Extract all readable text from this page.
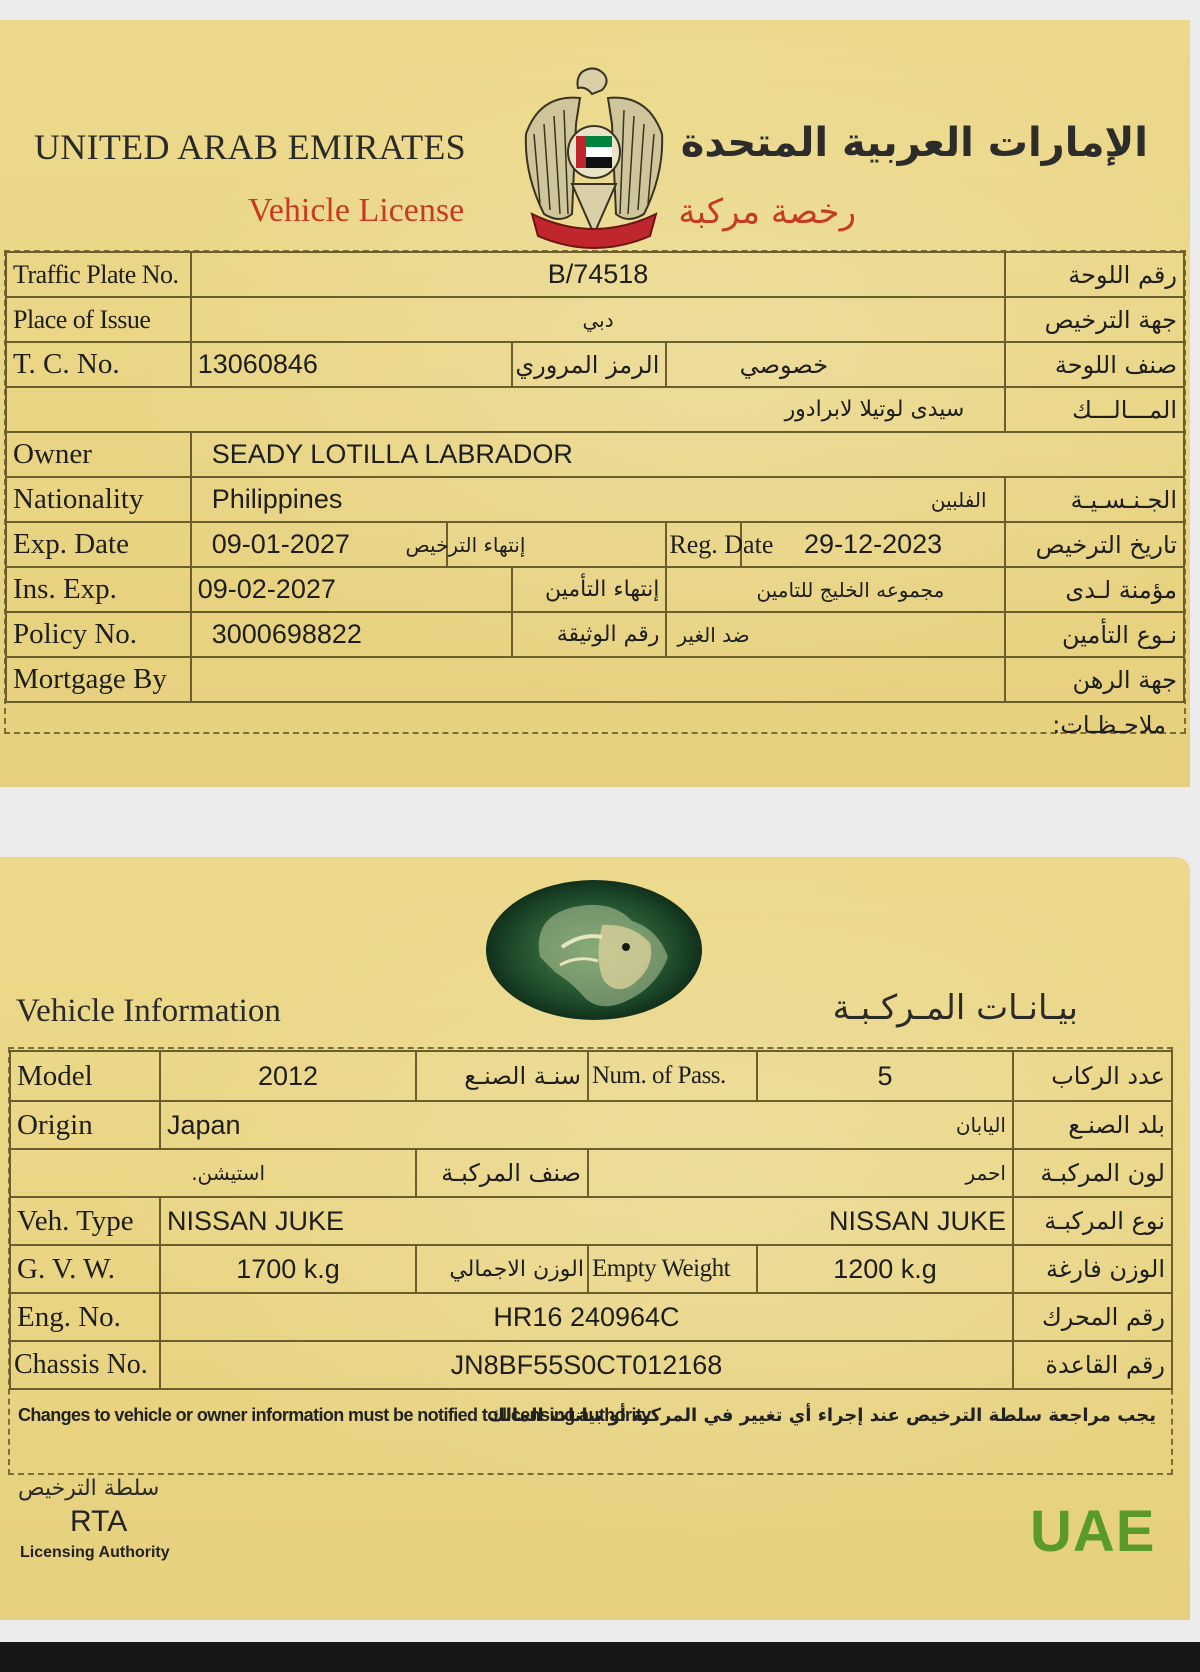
UNITED ARAB EMIRATES
Vehicle License
الإمارات العربية المتحدة
رخصة مركبة
Traffic Plate No.	B/74518					رقم اللوحة
Place of Issue	دبي					جهة الترخيص
T. C. No.	13060846		الرمز المروري	خصوصي		صنف اللوحة
سيدى لوتيلا لابرادور						المـــالـــك
Owner	SEADY LOTILLA LABRADOR					
Nationality	Philippines				الفلبين	الجـنـسـيـة
Exp. Date	09-01-2027	إنتهاء الترخيص		Reg. Date	29-12-2023	تاريخ الترخيص
Ins. Exp.	09-02-2027		إنتهاء التأمين	مجموعه الخليج للتامين		مؤمنة لـدى
Policy No.	3000698822		رقم الوثيقة	ضد الغير		نـوع التأمين
Mortgage By						جهة الرهن
ملاحـظـات:						
Vehicle Information	بيـانـات المـركـبـة
Model	2012	سنـة الصنـع	Num. of Pass.	5	عدد الركاب
Origin	Japan			اليابان	بلد الصنـع
استيشن.		صنف المركبـة	احمر		لون المركبـة
Veh. Type	NISSAN JUKE		NISSAN JUKE		نوع المركبـة
G. V. W.	1700 k.g	الوزن الاجمالي	Empty Weight	1200 k.g	الوزن فارغة
Eng. No.	HR16 240964C				رقم المحرك
Chassis No.	JN8BF55S0CT012168				رقم القاعدة
Changes to vehicle or owner information must be notified to licensing authority
يجب مراجعة سلطة الترخيص عند إجراء أي تغيير في المركبة أو بيانات المالك
سلطة الترخيص
RTA
Licensing Authority	UAE
